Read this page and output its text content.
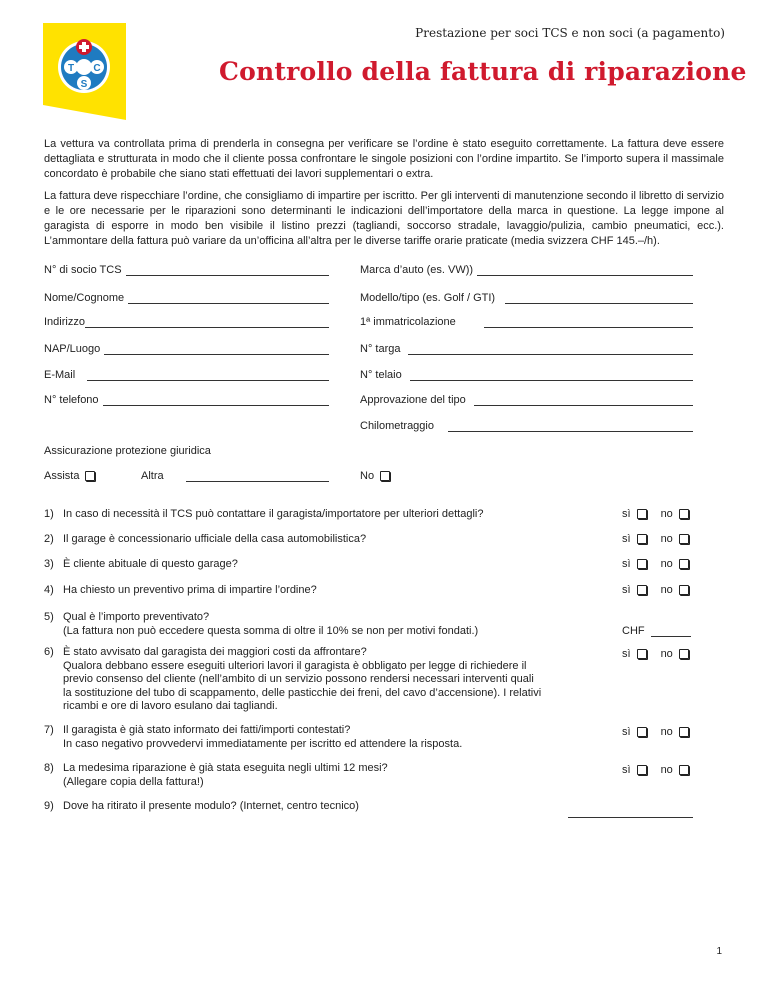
T C
S
Prestazione per soci TCS e non soci (a pagamento)
Controllo della fattura di riparazione
La vettura va controllata prima di prenderla in consegna per verificare se l’ordine è stato eseguito correttamente. La fattura deve essere dettagliata e strutturata in modo che il cliente possa confrontare le singole posizioni con l’ordine impartito. Se l’importo supera il massimale concordato è probabile che siano stati effettuati dei lavori supplementari o extra.
La fattura deve rispecchiare l’ordine, che consigliamo di impartire per iscritto. Per gli interventi di manutenzione secondo il libretto di servizio e le ore necessarie per le riparazioni sono determinanti le indicazioni dell’importatore della marca in questione. La legge impone al garagista di esporre in modo ben visibile il listino prezzi (tagliandi, soccorso stradale, lavaggio/pulizia, cambio pneumatici, ecc.). L’ammontare della fattura può variare da un’officina all’altra per le diverse tariffe orarie praticate (media svizzera CHF 145.–/h).
N° di socio TCS
Nome/Cognome
Indirizzo
NAP/Luogo
E-Mail
N° telefono
Marca d’auto (es. VW))
Modello/tipo (es. Golf / GTI)
1ª immatricolazione
N° targa
N° telaio
Approvazione del tipo
Chilometraggio
Assicurazione protezione giuridica
Assista	Altra	No
1) In caso di necessità il TCS può contattare il garagista/importatore per ulteriori dettagli?	sì	no
2) Il garage è concessionario ufficiale della casa automobilistica?	sì	no
3) È cliente abituale di questo garage?	sì	no
4) Ha chiesto un preventivo prima di impartire l’ordine?	sì	no
5) Qual è l’importo preventivato?
(La fattura non può eccedere questa somma di oltre il 10% se non per motivi fondati.)	CHF
6) È stato avvisato dal garagista dei maggiori costi da affrontare?
Qualora debbano essere eseguiti ulteriori lavori il garagista è obbligato per legge di richiedere il previo consenso del cliente (nell’ambito di un servizio possono rendersi necessari interventi quali la sostituzione del tubo di scappamento, delle pasticchie dei freni, del cavo d’accensione). I relativi ricambi e ore di lavoro esulano dai tagliandi.
sì	no
7) Il garagista è già stato informato dei fatti/importi contestati?
In caso negativo provvedervi immediatamente per iscritto ed attendere la risposta.
sì	no
8) La medesima riparazione è già stata eseguita negli ultimi 12 mesi?
(Allegare copia della fattura!)
sì	no
9) Dove ha ritirato il presente modulo? (Internet, centro tecnico)
1
